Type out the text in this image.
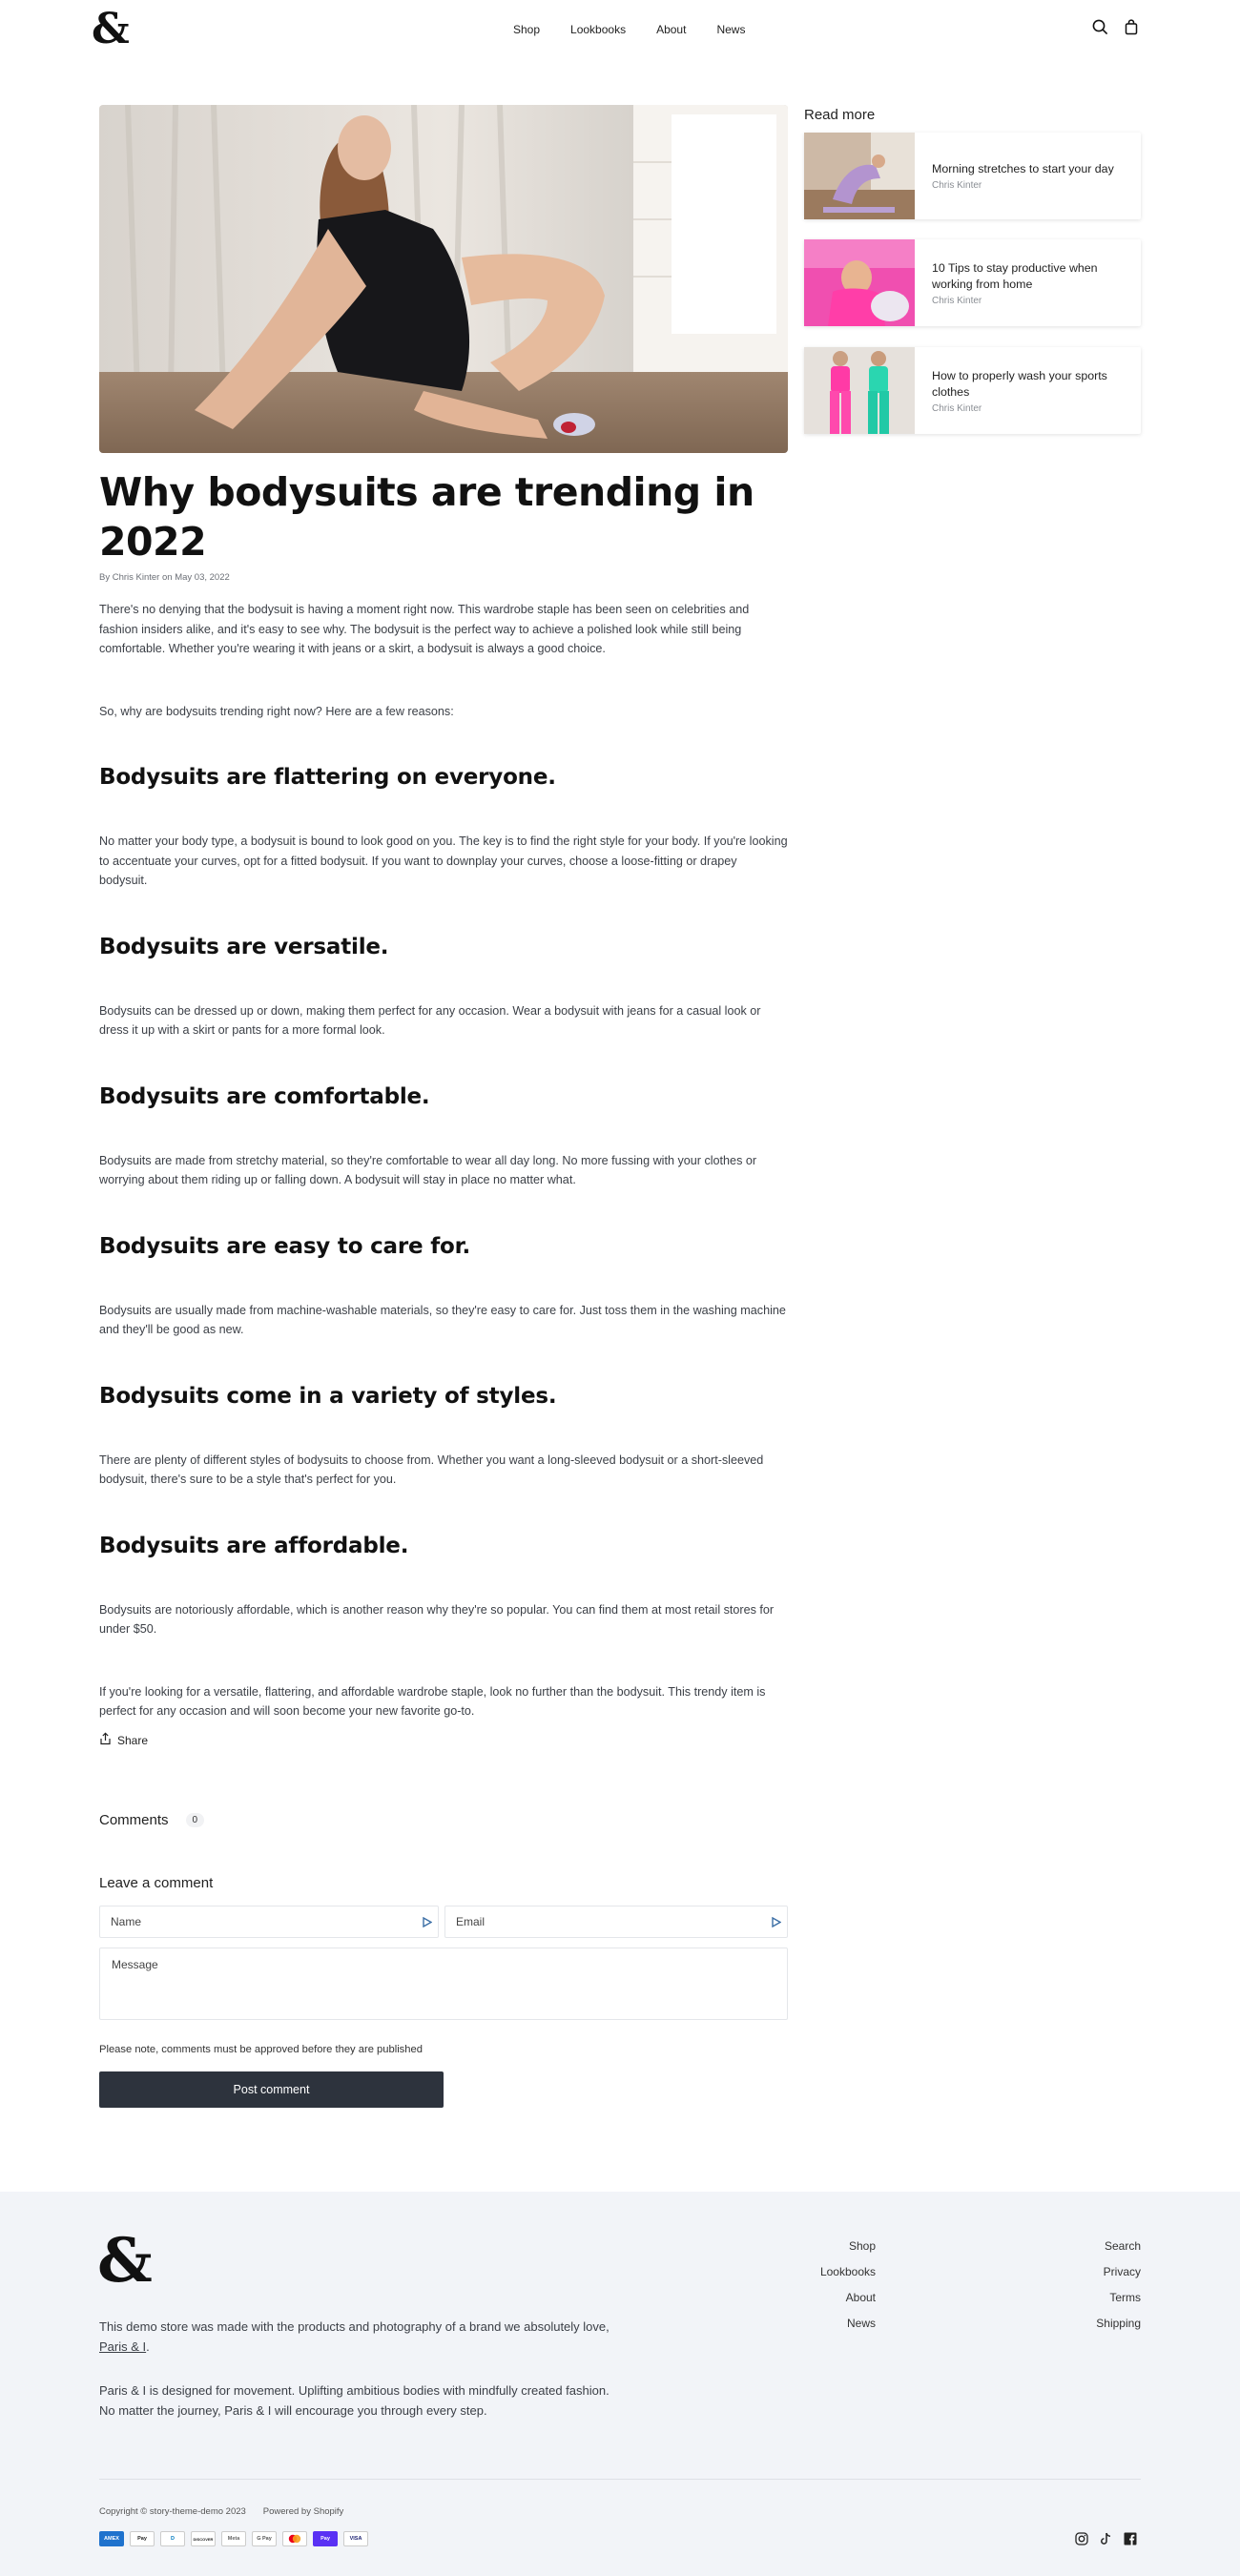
&	Shop	Lookbooks	About	News
Why bodysuits are trending in 2022
By Chris Kinter on May 03, 2022

There's no denying that the bodysuit is having a moment right now. This wardrobe staple has been seen on celebrities and fashion insiders alike, and it's easy to see why. The bodysuit is the perfect way to achieve a polished look while still being comfortable. Whether you're wearing it with jeans or a skirt, a bodysuit is always a good choice.

So, why are bodysuits trending right now? Here are a few reasons:

Bodysuits are flattering on everyone.

No matter your body type, a bodysuit is bound to look good on you. The key is to find the right style for your body. If you're looking to accentuate your curves, opt for a fitted bodysuit. If you want to downplay your curves, choose a loose-fitting or drapey bodysuit.

Bodysuits are versatile.

Bodysuits can be dressed up or down, making them perfect for any occasion. Wear a bodysuit with jeans for a casual look or dress it up with a skirt or pants for a more formal look.

Bodysuits are comfortable.

Bodysuits are made from stretchy material, so they're comfortable to wear all day long. No more fussing with your clothes or worrying about them riding up or falling down. A bodysuit will stay in place no matter what.

Bodysuits are easy to care for.

Bodysuits are usually made from machine-washable materials, so they're easy to care for. Just toss them in the washing machine and they'll be good as new.

Bodysuits come in a variety of styles.

There are plenty of different styles of bodysuits to choose from. Whether you want a long-sleeved bodysuit or a short-sleeved bodysuit, there's sure to be a style that's perfect for you.

Bodysuits are affordable.

Bodysuits are notoriously affordable, which is another reason why they're so popular. You can find them at most retail stores for under $50.

If you're looking for a versatile, flattering, and affordable wardrobe staple, look no further than the bodysuit. This trendy item is perfect for any occasion and will soon become your new favorite go-to.

Read more
Morning stretches to start your day
Chris Kinter
10 Tips to stay productive when working from home
Chris Kinter
How to properly wash your sports clothes
Chris Kinter
Share
Comments	0
Leave a comment
Name	Email
Message
Please note, comments must be approved before they are published
Post comment
&

This demo store was made with the products and photography of a brand we absolutely love, Paris & I.

Paris & I is designed for movement. Uplifting ambitious bodies with mindfully created fashion. No matter the journey, Paris & I will encourage you through every step.

Shop
Lookbooks
About
News
Search
Privacy
Terms
Shipping
Copyright © story-theme-demo 2023 Powered by Shopify
AMEX	Pay	D	DISCOVER	Meta	G Pay	Pay	VISA
